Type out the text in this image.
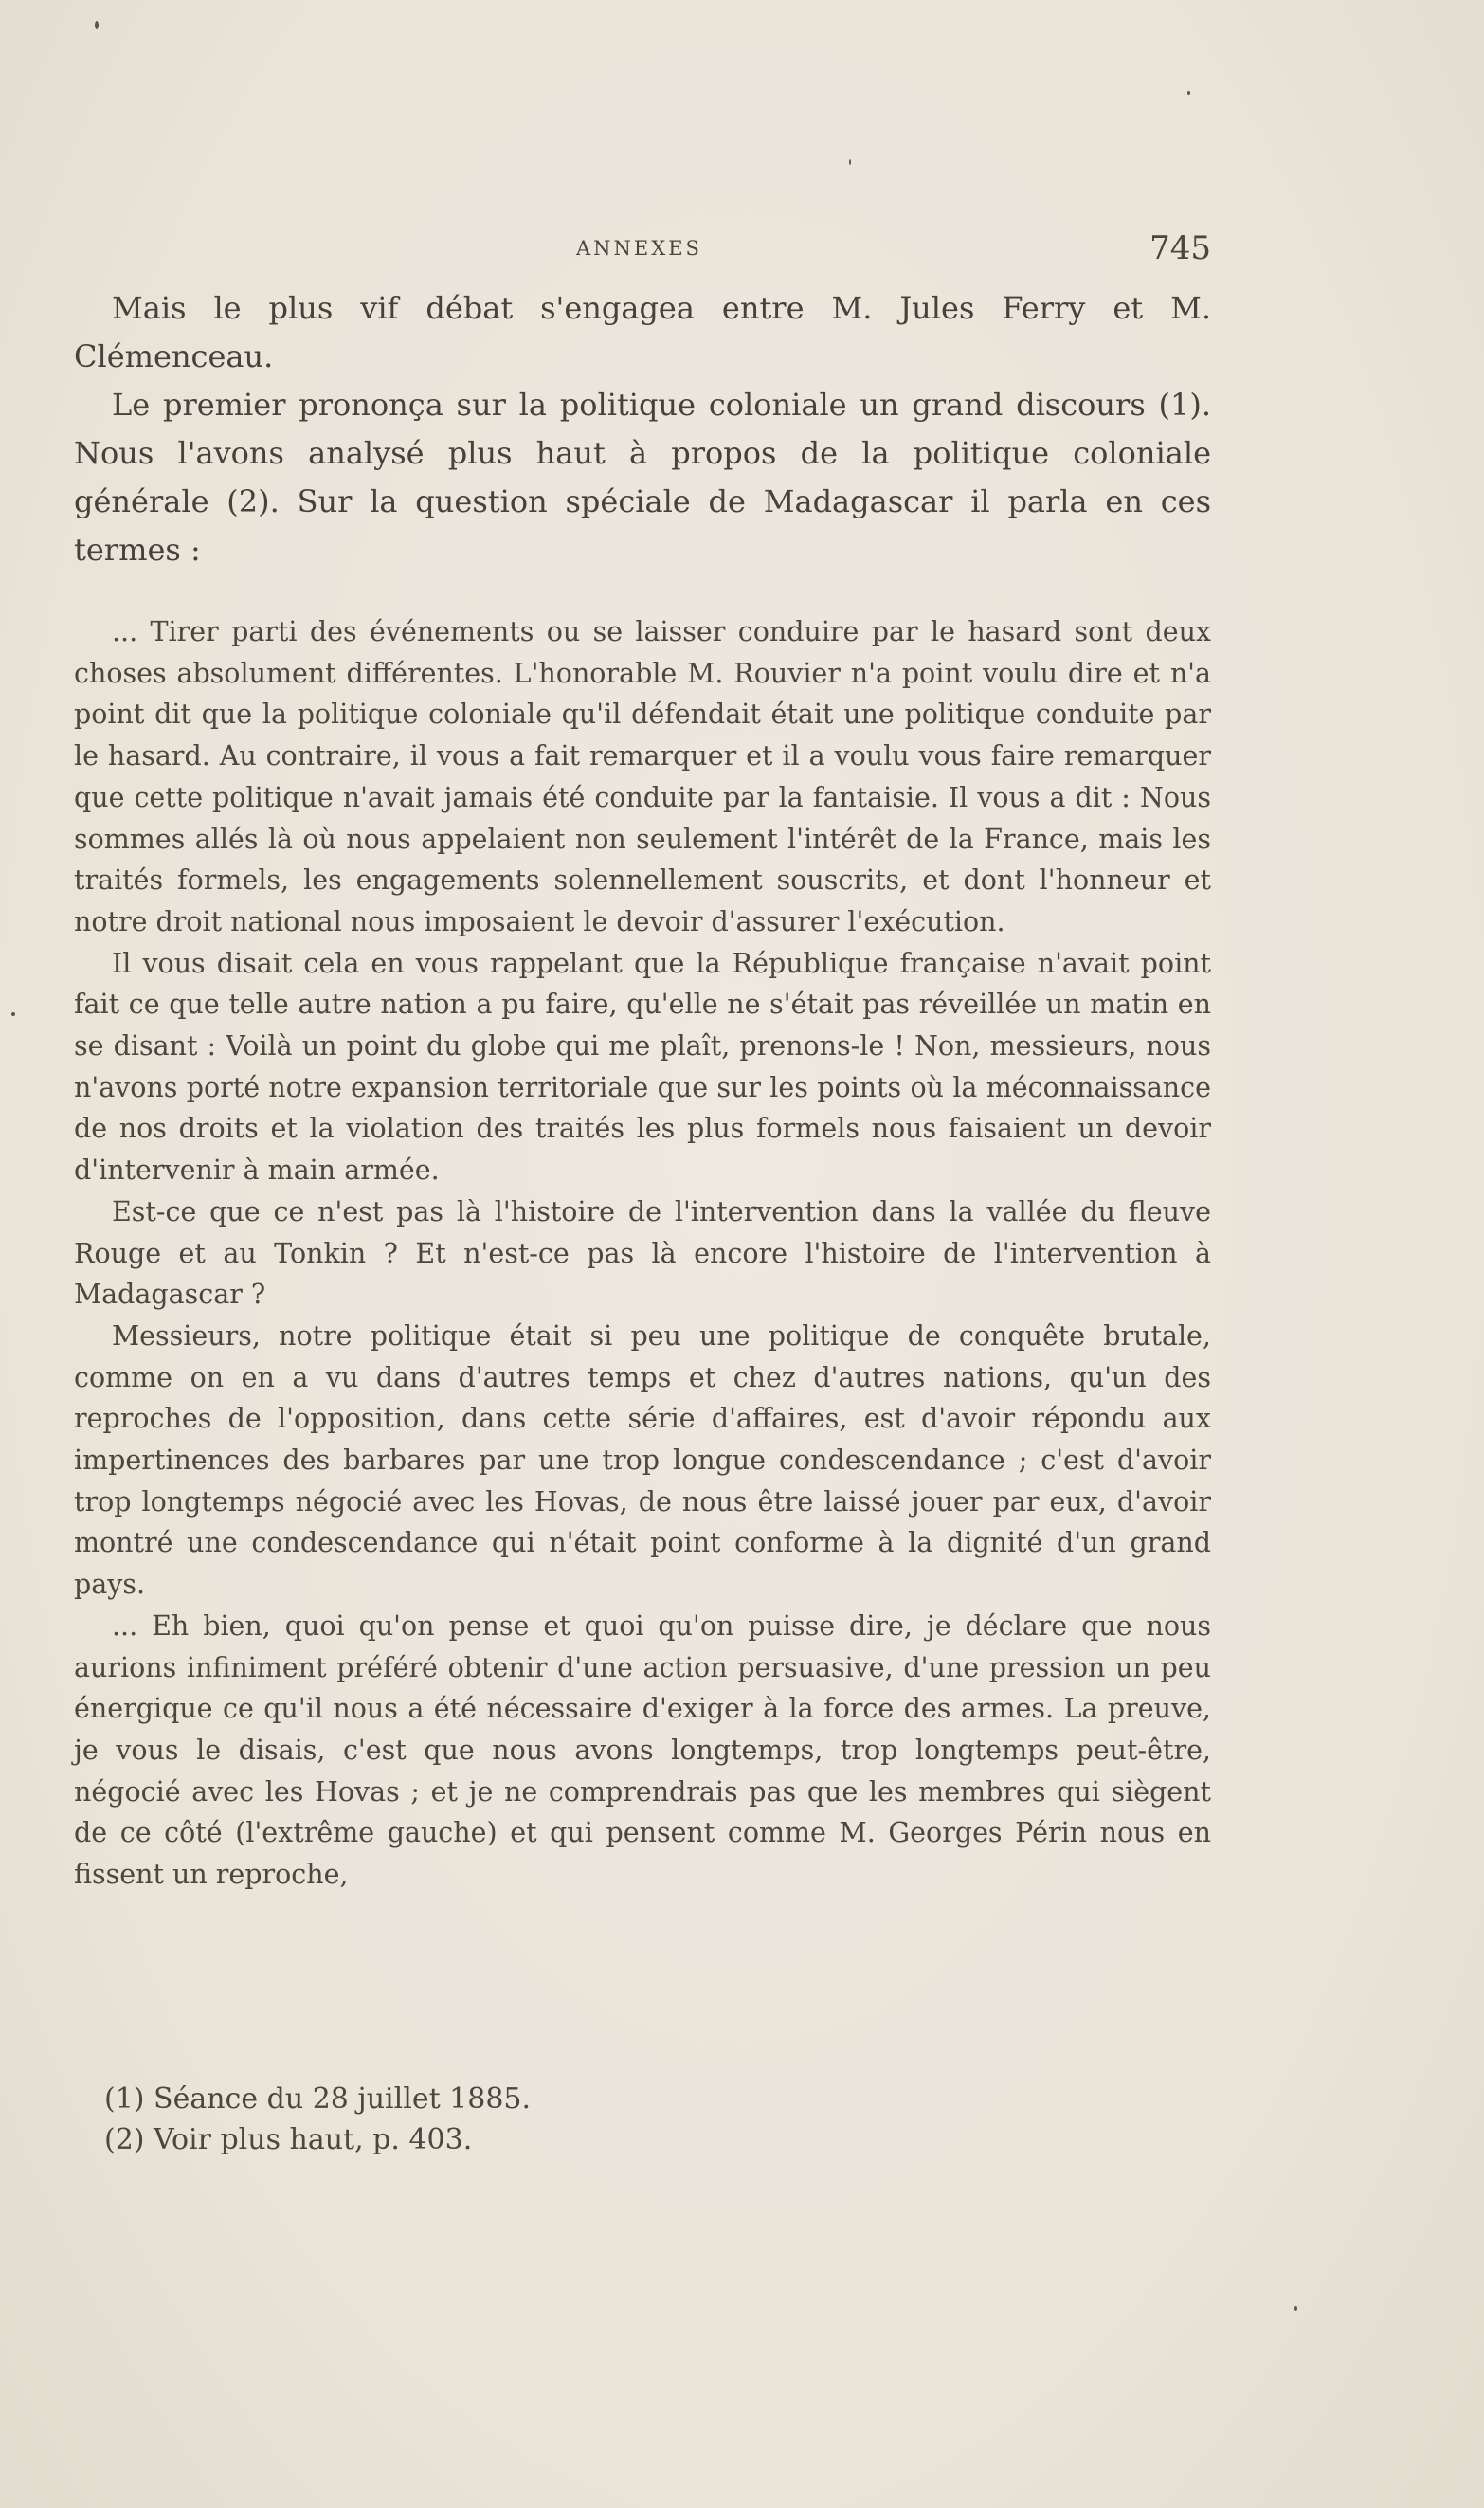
ANNEXES	745

Mais le plus vif débat s'engagea entre M. Jules Ferry et M. Clémenceau.

Le premier prononça sur la politique coloniale un grand discours (1). Nous l'avons analysé plus haut à propos de la politique coloniale générale (2). Sur la question spéciale de Madagascar il parla en ces termes :

... Tirer parti des événements ou se laisser conduire par le hasard sont deux choses absolument différentes. L'honorable M. Rouvier n'a point voulu dire et n'a point dit que la politique coloniale qu'il défendait était une politique conduite par le hasard. Au contraire, il vous a fait remarquer et il a voulu vous faire remarquer que cette politique n'avait jamais été conduite par la fantaisie. Il vous a dit : Nous sommes allés là où nous appelaient non seulement l'intérêt de la France, mais les traités formels, les engagements solennellement souscrits, et dont l'honneur et notre droit national nous imposaient le devoir d'assurer l'exécution.

Il vous disait cela en vous rappelant que la République française n'avait point fait ce que telle autre nation a pu faire, qu'elle ne s'était pas réveillée un matin en se disant : Voilà un point du globe qui me plaît, prenons-le ! Non, messieurs, nous n'avons porté notre expansion territoriale que sur les points où la méconnaissance de nos droits et la violation des traités les plus formels nous faisaient un devoir d'intervenir à main armée.

Est-ce que ce n'est pas là l'histoire de l'intervention dans la vallée du fleuve Rouge et au Tonkin ? Et n'est-ce pas là encore l'histoire de l'intervention à Madagascar ?

Messieurs, notre politique était si peu une politique de conquête brutale, comme on en a vu dans d'autres temps et chez d'autres nations, qu'un des reproches de l'opposition, dans cette série d'affaires, est d'avoir répondu aux impertinences des barbares par une trop longue condescendance ; c'est d'avoir trop longtemps négocié avec les Hovas, de nous être laissé jouer par eux, d'avoir montré une condescendance qui n'était point conforme à la dignité d'un grand pays.

... Eh bien, quoi qu'on pense et quoi qu'on puisse dire, je déclare que nous aurions infiniment préféré obtenir d'une action persuasive, d'une pression un peu énergique ce qu'il nous a été nécessaire d'exiger à la force des armes. La preuve, je vous le disais, c'est que nous avons longtemps, trop longtemps peut-être, négocié avec les Hovas ; et je ne comprendrais pas que les membres qui siègent de ce côté (l'extrême gauche) et qui pensent comme M. Georges Périn nous en fissent un reproche,

(1) Séance du 28 juillet 1885.
(2) Voir plus haut, p. 403.
